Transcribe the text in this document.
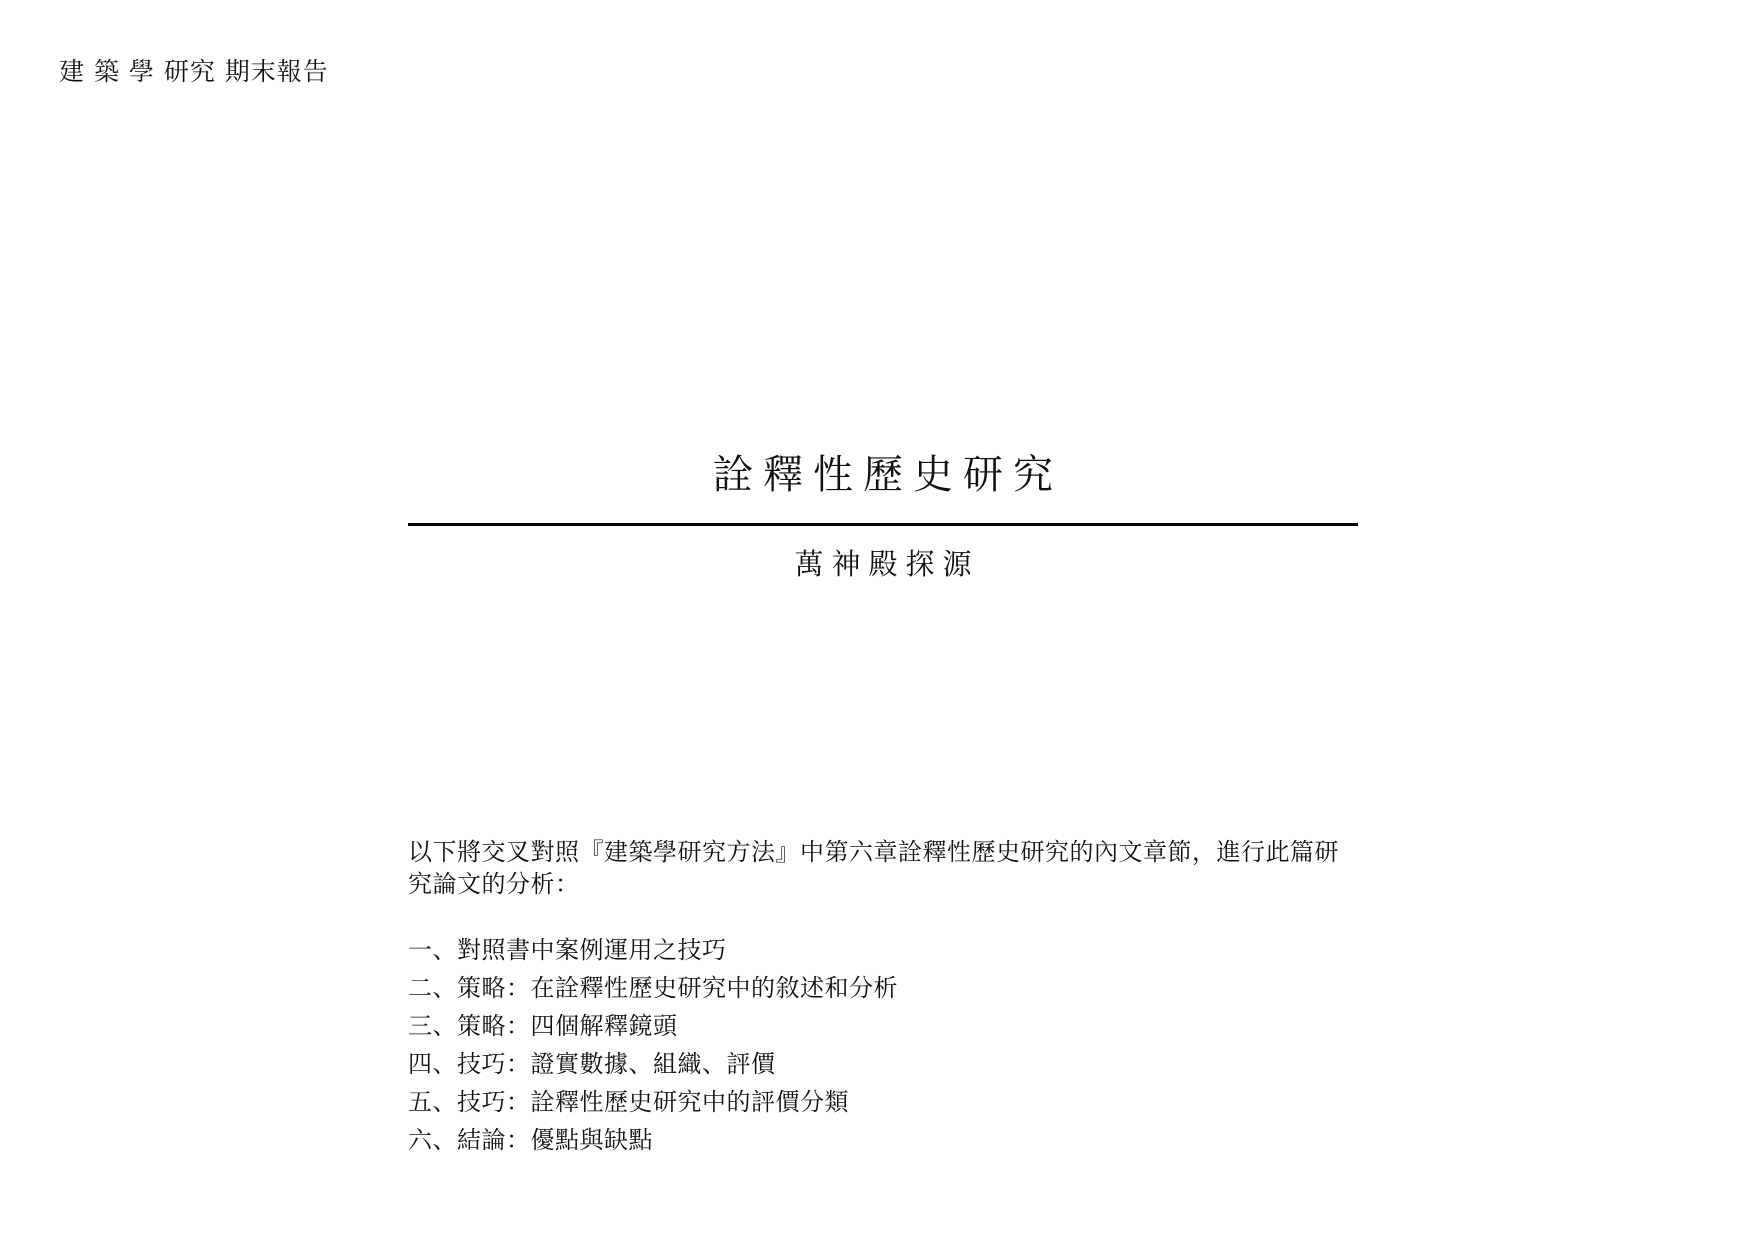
建 築 學 研究 期末報告
詮釋性歷史研究
萬神殿探源
以下將交叉對照『建築學研究方法』中第六章詮釋性歷史研究的內文章節，進行此篇研究論文的分析：
一、對照書中案例運用之技巧
二、策略：在詮釋性歷史研究中的敘述和分析
三、策略：四個解釋鏡頭
四、技巧：證實數據、組織、評價
五、技巧：詮釋性歷史研究中的評價分類
六、結論：優點與缺點
